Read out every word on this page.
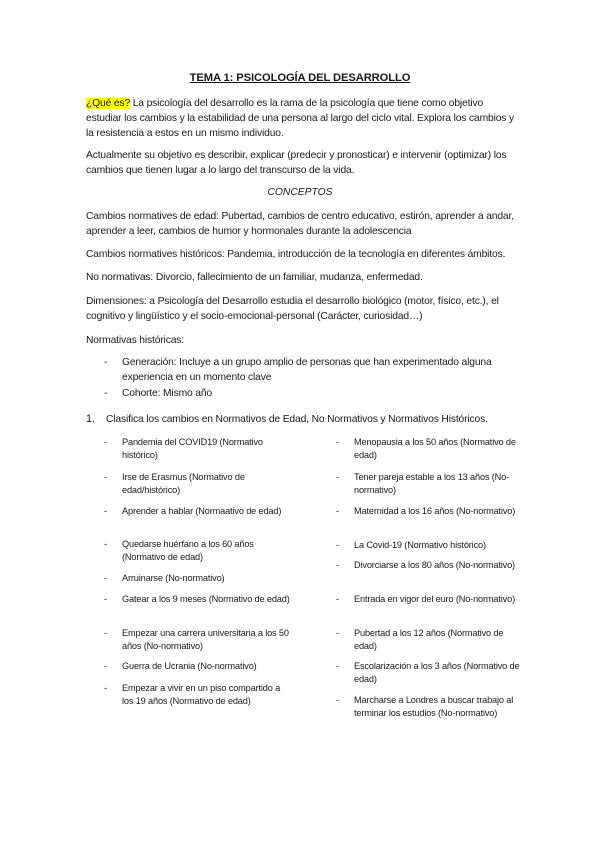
TEMA 1: PSICOLOGÍA DEL DESARROLLO
¿Qué es? La psicología del desarrollo es la rama de la psicología que tiene como objetivo estudiar los cambios y la estabilidad de una persona al largo del ciclo vital. Explora los cambios y la resistencia a estos en un mismo individuo.
Actualmente su objetivo es describir, explicar (predecir y pronosticar) e intervenir (optimizar) los cambios que tienen lugar a lo largo del transcurso de la vida.
CONCEPTOS
Cambios normatives de edad: Pubertad, cambios de centro educativo, estirón, aprender a andar, aprender a leer, cambios de humor y hormonales durante la adolescencia
Cambios normatives históricos: Pandemia, introducción de la tecnología en diferentes ámbitos.
No normativas: Divorcio, fallecimiento de un familiar, mudanza, enfermedad.
Dimensiones: a Psicología del Desarrollo estudia el desarrollo biológico (motor, físico, etc.), el cognitivo y lingüístico y el socio-emocional-personal (Carácter, curiosidad…)
Normativas históricas:
- Generación: Incluye a un grupo amplio de personas que han experimentado alguna experiencia en un momento clave
- Cohorte: Mismo año
1. Clasifica los cambios en Normativos de Edad, No Normativos y Normativos Históricos.
- Pandemia del COVID19 (Normativo histórico)
- Irse de Erasmus (Normativo de edad/histórico)
- Aprender a hablar (Normaativo de edad)
- Quedarse huérfano a los 60 años (Normativo de edad)
- Arruinarse (No-normativo)
- Gatear a los 9 meses (Normativo de edad)
- Empezar una carrera universitaria a los 50 años (No-normativo)
- Guerra de Ucrania (No-normativo)
- Empezar a vivir en un piso compartido a los 19 años (Normativo de edad)
- Menopausia a los 50 años (Normativo de edad)
- Tener pareja estable a los 13 años (No-normativo)
- Maternidad a los 16 años (No-normativo)
- La Covid-19 (Normativo histórico)
- Divorciarse a los 80 años (No-normativo)
- Entrada en vigor del euro (No-normativo)
- Pubertad a los 12 años (Normativo de edad)
- Escolarización a los 3 años (Normativo de edad)
- Marcharse a Londres a buscar trabajo al terminar los estudios (No-normativo)
